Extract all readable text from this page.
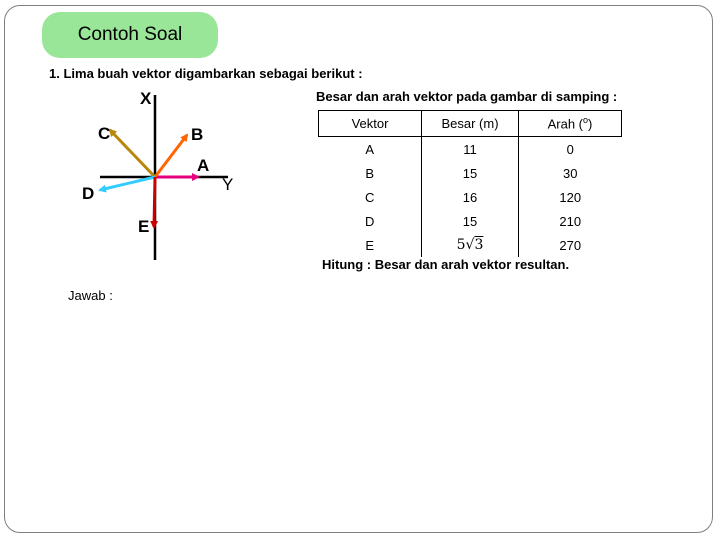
Contoh Soal
1. Lima buah vektor digambarkan sebagai berikut :
Besar dan arah vektor pada gambar di samping :
X
Y
A
B
C
D
E
Vektor	Besar (m)	Arah ($^o$)
A	11	0
B	15	30
C	16	120
D	15	210
E	5√3	270
Hitung : Besar dan arah vektor resultan.
Jawab :
